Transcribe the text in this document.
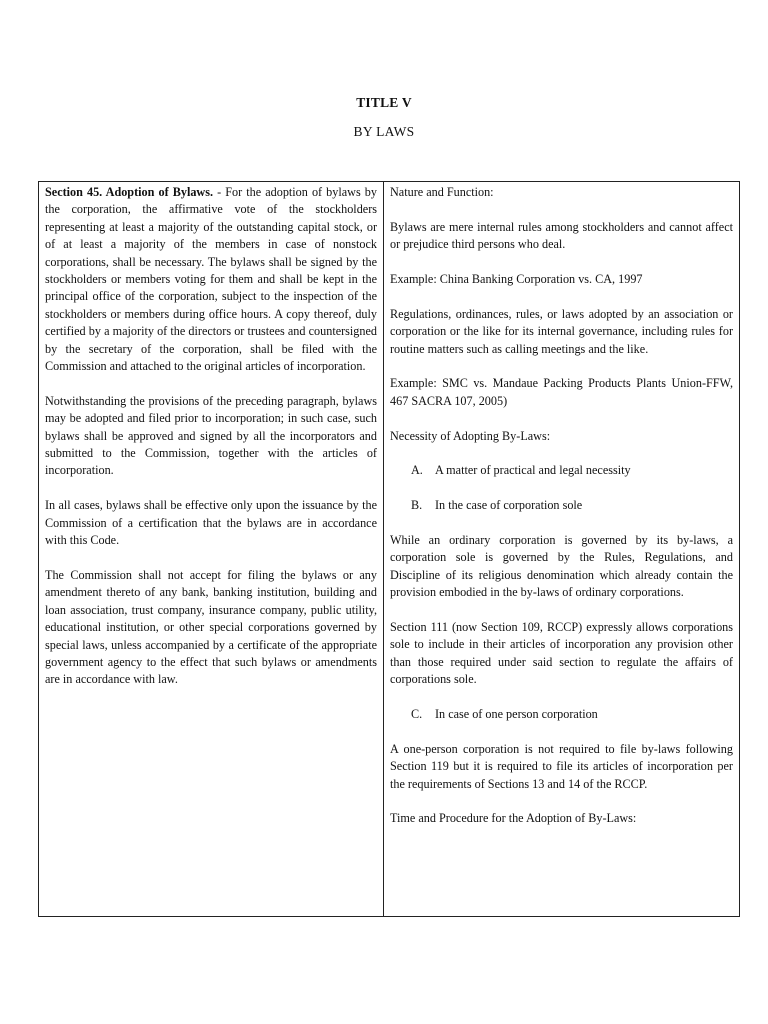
TITLE V
BY LAWS

Section 45. Adoption of Bylaws. - For the adoption of bylaws by the corporation, the affirmative vote of the stockholders representing at least a majority of the outstanding capital stock, or of at least a majority of the members in case of nonstock corporations, shall be necessary. The bylaws shall be signed by the stockholders or members voting for them and shall be kept in the principal office of the corporation, subject to the inspection of the stockholders or members during office hours. A copy thereof, duly certified by a majority of the directors or trustees and countersigned by the secretary of the corporation, shall be filed with the Commission and attached to the original articles of incorporation.

Notwithstanding the provisions of the preceding paragraph, bylaws may be adopted and filed prior to incorporation; in such case, such bylaws shall be approved and signed by all the incorporators and submitted to the Commission, together with the articles of incorporation.

In all cases, bylaws shall be effective only upon the issuance by the Commission of a certification that the bylaws are in accordance with this Code.

The Commission shall not accept for filing the bylaws or any amendment thereto of any bank, banking institution, building and loan association, trust company, insurance company, public utility, educational institution, or other special corporations governed by special laws, unless accompanied by a certificate of the appropriate government agency to the effect that such bylaws or amendments are in accordance with law.

Nature and Function:

Bylaws are mere internal rules among stockholders and cannot affect or prejudice third persons who deal.

Example: China Banking Corporation vs. CA, 1997

Regulations, ordinances, rules, or laws adopted by an association or corporation or the like for its internal governance, including rules for routine matters such as calling meetings and the like.

Example: SMC vs. Mandaue Packing Products Plants Union-FFW, 467 SACRA 107, 2005)

Necessity of Adopting By-Laws:

A. A matter of practical and legal necessity
B.	In the case of corporation sole

While an ordinary corporation is governed by its by-laws, a corporation sole is governed by the Rules, Regulations, and Discipline of its religious denomination which already contain the provision embodied in the by-laws of ordinary corporations.

Section 111 (now Section 109, RCCP) expressly allows corporations sole to include in their articles of incorporation any provision other than those required under said section to regulate the affairs of corporations sole.

C.	In case of one person corporation

A one-person corporation is not required to file by-laws following Section 119 but it is required to file its articles of incorporation per the requirements of Sections 13 and 14 of the RCCP.

Time and Procedure for the Adoption of By-Laws:
